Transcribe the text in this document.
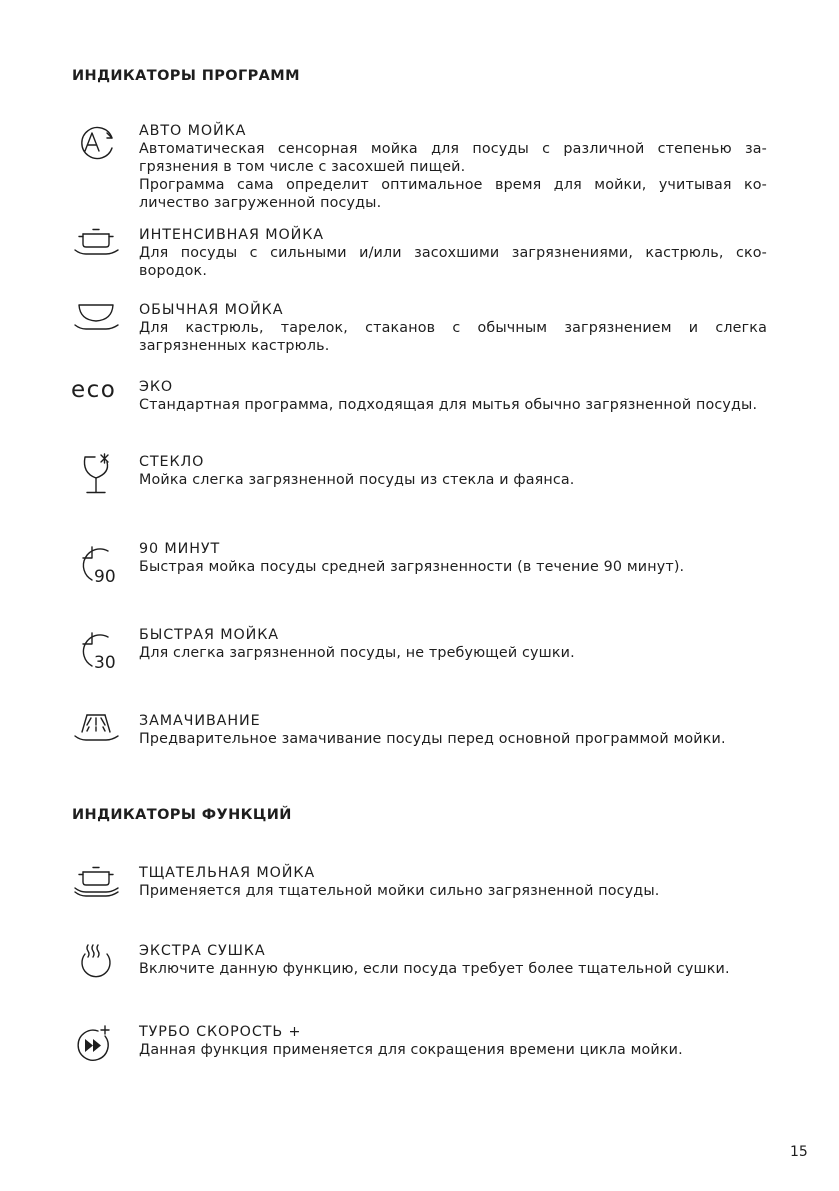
ИНДИКАТОРЫ ПРОГРАММ
АВТО МОЙКА
Автоматическая сенсорная мойка для посуды с различной степенью за-грязнения в том числе с засохшей пищей.
Программа сама определит оптимальное время для мойки, учитывая ко-личество загруженной посуды.
ИНТЕНСИВНАЯ МОЙКА
Для посуды с сильными и/или засохшими загрязнениями, кастрюль, ско-вородок.
ОБЫЧНАЯ МОЙКА
Для кастрюль, тарелок, стаканов с обычным загрязнением и слегка загрязненных кастрюль.
eco ЭКО
Стандартная программа, подходящая для мытья обычно загрязненной посуды.
СТЕКЛО
Мойка слегка загрязненной посуды из стекла и фаянса.
90
90 МИНУТ
Быстрая мойка посуды средней загрязненности (в течение 90 минут).
30
БЫСТРАЯ МОЙКА
Для слегка загрязненной посуды, не требующей сушки.
ЗАМАЧИВАНИЕ
Предварительное замачивание посуды перед основной программой мойки.
ИНДИКАТОРЫ ФУНКЦИЙ
ТЩАТЕЛЬНАЯ МОЙКА
Применяется для тщательной мойки сильно загрязненной посуды.
ЭКСТРА СУШКА
Включите данную функцию, если посуда требует более тщательной сушки.
ТУРБО СКОРОСТЬ +
Данная функция применяется для сокращения времени цикла мойки.
15
